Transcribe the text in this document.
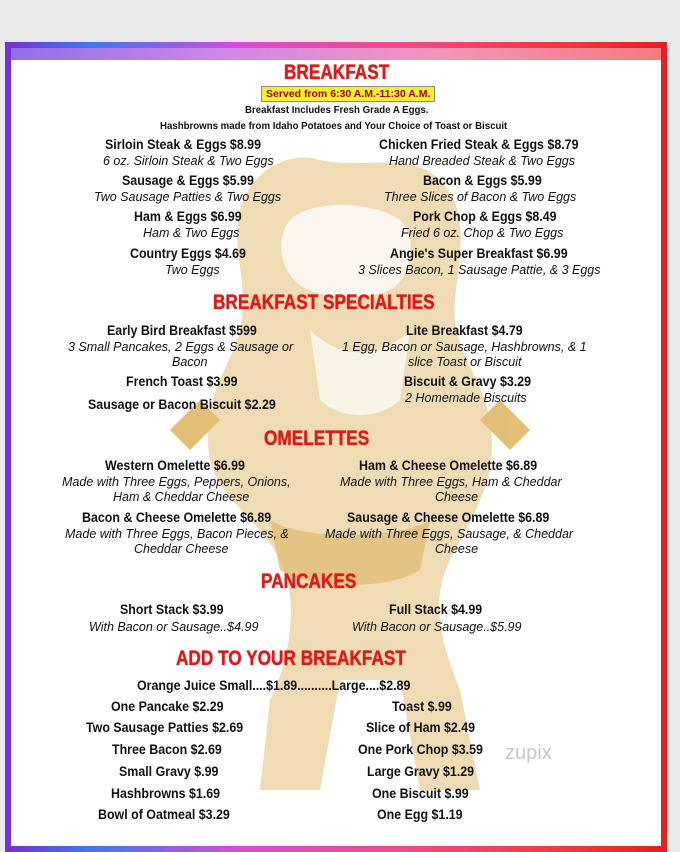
BREAKFAST
Served from 6:30 A.M.-11:30 A.M.
Breakfast Includes Fresh Grade A Eggs.
Hashbrowns made from Idaho Potatoes and Your Choice of Toast or Biscuit
Sirloin Steak & Eggs $8.99
6 oz. Sirloin Steak & Two Eggs
Sausage & Eggs $5.99
Two Sausage Patties & Two Eggs
Ham & Eggs $6.99
Ham & Two Eggs
Country Eggs $4.69
Two Eggs
Chicken Fried Steak & Eggs $8.79
Hand Breaded Steak & Two Eggs
Bacon & Eggs $5.99
Three Slices of Bacon & Two Eggs
Pork Chop & Eggs $8.49
Fried 6 oz. Chop & Two Eggs
Angie's Super Breakfast $6.99
3 Slices Bacon, 1 Sausage Pattie, & 3 Eggs
BREAKFAST SPECIALTIES
Early Bird Breakfast $599
3 Small Pancakes, 2 Eggs & Sausage or
Bacon
Lite Breakfast $4.79
1 Egg, Bacon or Sausage, Hashbrowns, & 1
slice Toast or Biscuit
French Toast $3.99	Biscuit & Gravy $3.29
2 Homemade Biscuits
Sausage or Bacon Biscuit $2.29
OMELETTES
Western Omelette $6.99
Made with Three Eggs, Peppers, Onions,
Ham & Cheddar Cheese
Ham & Cheese Omelette $6.89
Made with Three Eggs, Ham & Cheddar
Cheese
Bacon & Cheese Omelette $6.89
Made with Three Eggs, Bacon Pieces, &
Cheddar Cheese
Sausage & Cheese Omelette $6.89
Made with Three Eggs, Sausage, & Cheddar
Cheese
PANCAKES
Short Stack $3.99
With Bacon or Sausage..$4.99
Full Stack $4.99
With Bacon or Sausage..$5.99
ADD TO YOUR BREAKFAST
Orange Juice Small....$1.89..........Large....$2.89
One Pancake $2.29
Two Sausage Patties $2.69
Three Bacon $2.69
Small Gravy $.99
Hashbrowns $1.69
Bowl of Oatmeal $3.29
Toast $.99
Slice of Ham $2.49
One Pork Chop $3.59
Large Gravy $1.29
One Biscuit $.99
One Egg $1.19
zupix
